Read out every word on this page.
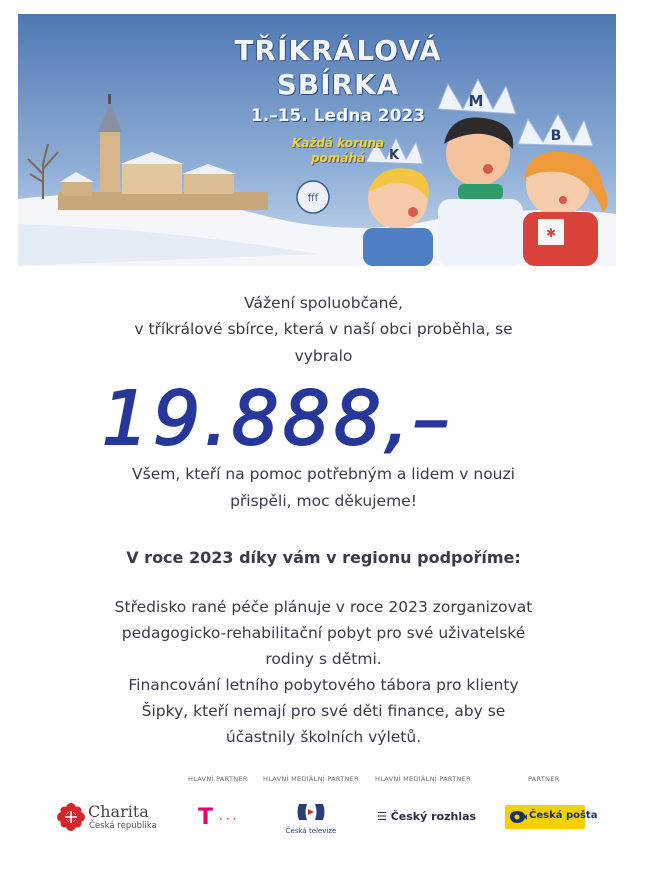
fff
K
M
B
✱
TŘÍKRÁLOVÁ
SBÍRKA
1.–15. Ledna 2023
Každá koruna
pomáhá
Vážení spoluobčané,
v tříkrálové sbírce, která v naší obci proběhla, se
vybralo
19.888,–
Všem, kteří na pomoc potřebným a lidem v nouzi
přispěli, moc děkujeme!
V roce 2023 díky vám v regionu podpoříme:
Středisko rané péče plánuje v roce 2023 zorganizovat
pedagogicko-rehabilitační pobyt pro své uživatelské
rodiny s dětmi.
Financování letního pobytového tábora pro klienty
Šipky, kteří nemají pro své děti finance, aby se
účastnily školních výletů.
HLAVNÍ PARTNER HLAVNÍ MEDIÁLNÍ PARTNER HLAVNÍ MEDIÁLNÍ PARTNER	PARTNER
Charita
Česká republika T ···
Česká televize
☰ Český rozhlas	Česká pošta
